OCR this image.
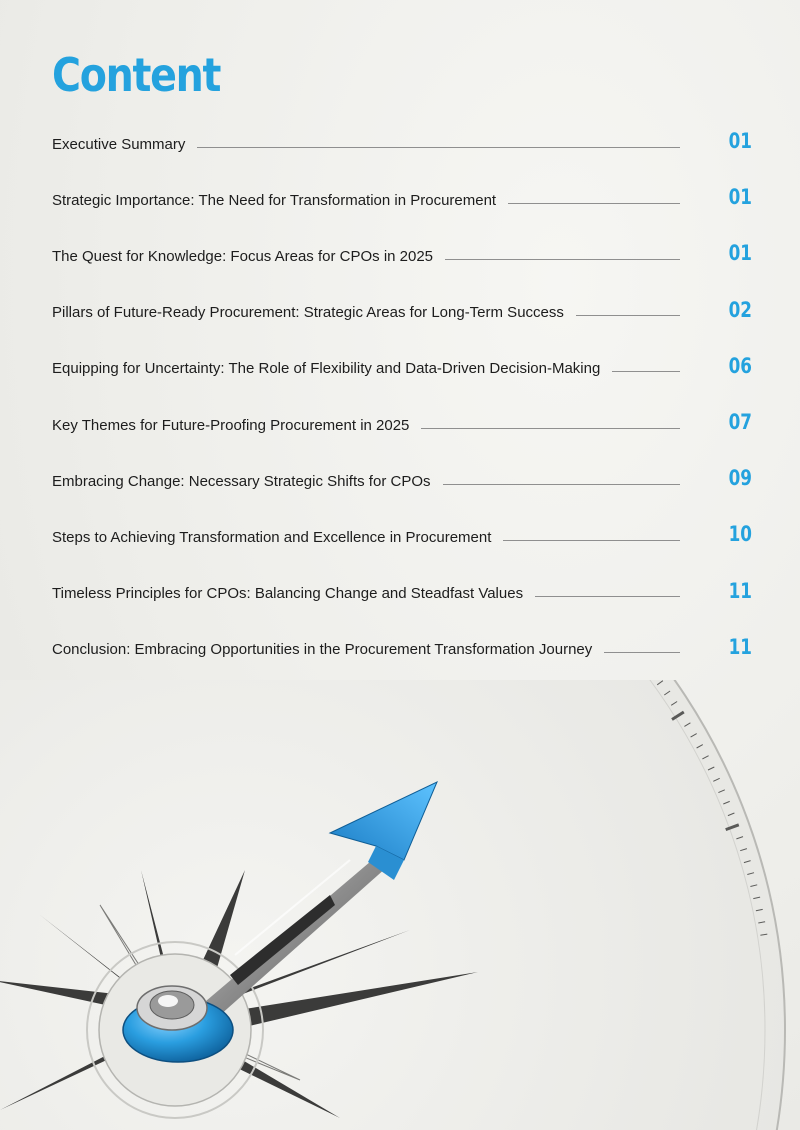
Content
Executive Summary	01
Strategic Importance: The Need for Transformation in Procurement	01
The Quest for Knowledge: Focus Areas for CPOs in 2025	01
Pillars of Future-Ready Procurement: Strategic Areas for Long-Term Success	02
Equipping for Uncertainty: The Role of Flexibility and Data-Driven Decision-Making	06
Key Themes for Future-Proofing Procurement in 2025	07
Embracing Change: Necessary Strategic Shifts for CPOs	09
Steps to Achieving Transformation and Excellence in Procurement	10
Timeless Principles for CPOs: Balancing Change and Steadfast Values	11
Conclusion: Embracing Opportunities in the Procurement Transformation Journey	11
